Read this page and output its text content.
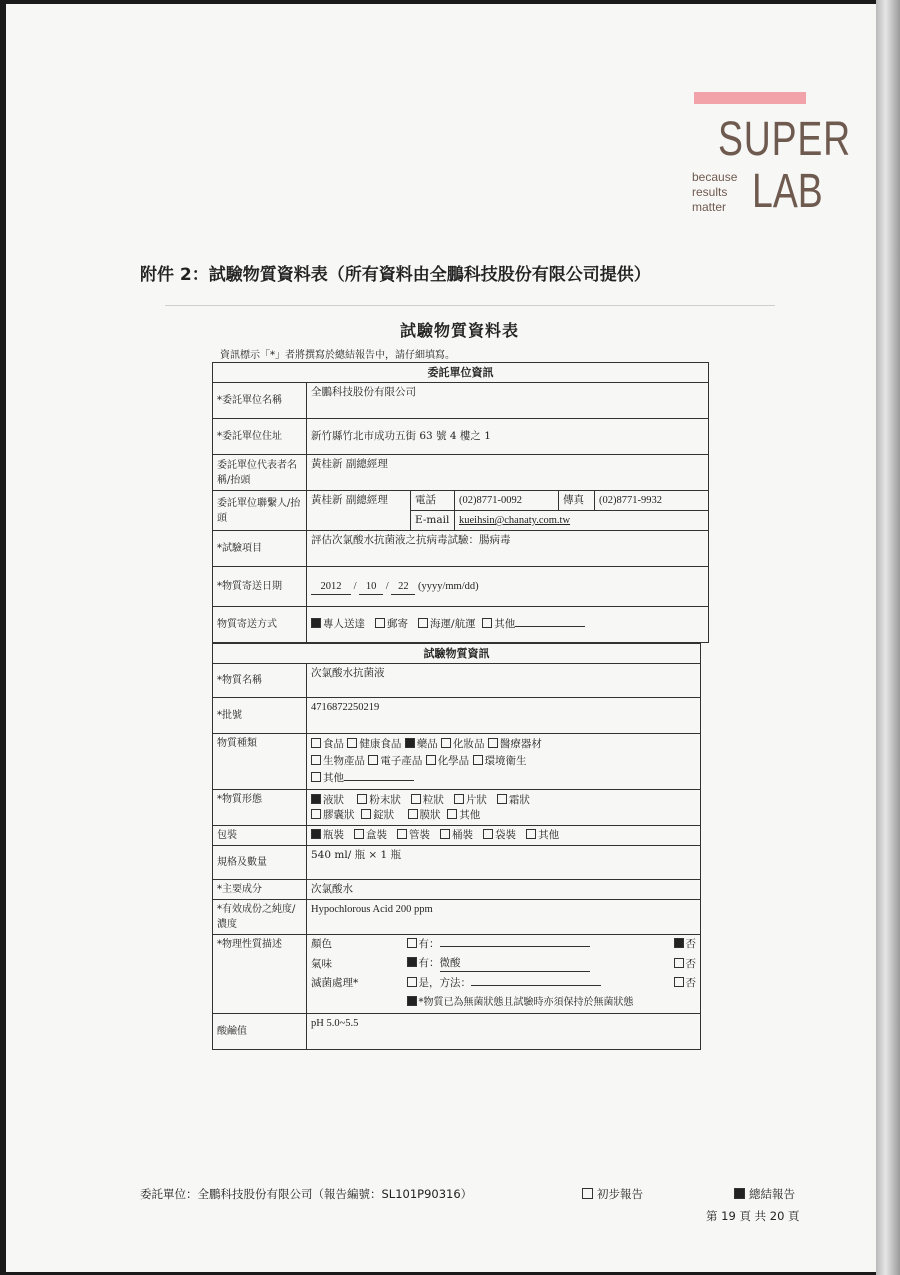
SUPER
LAB
because
results
matter
附件 2：試驗物質資料表（所有資料由全鵬科技股份有限公司提供）
試驗物質資料表
資訊標示「*」者將撰寫於總結報告中，請仔細填寫。
委託單位資訊					
*委託單位名稱	全鵬科技股份有限公司				
*委託單位住址	新竹縣竹北市成功五街 63 號 4 樓之 1				
委託單位代表者名稱/抬頭	黃桂新 副總經理				
委託單位聯繫人/抬頭	黃桂新 副總經理	電話	(02)8771-0092	傳真	(02)8771-9932
		E-mail	kueihsin@chanaty.com.tw		
*試驗項目	評估次氯酸水抗菌液之抗病毒試驗：腸病毒				
*物質寄送日期	2012 / 10 / 22 (yyyy/mm/dd)				
物質寄送方式	專人送達 郵寄 海運/航運 其他				
試驗物質資訊			
*物質名稱	次氯酸水抗菌液		
*批號	4716872250219		
物質種類	食品 健康食品 藥品 化妝品 醫療器材
生物產品 電子產品 化學品 環境衛生
其他		
*物質形態	液狀 粉末狀 粒狀 片狀 霜狀
膠囊狀 錠狀 膜狀 其他		
包裝	瓶裝 盒裝 管裝 桶裝 袋裝 其他		
規格及數量	540 ml/ 瓶 × 1 瓶		
*主要成分	次氯酸水		
*有效成份之純度/濃度	Hypochlorous Acid 200 ppm		
*物理性質描述	顏色	有：	否
	氣味	有：微酸	否
	滅菌處理*	是，方法：	否
		*物質已為無菌狀態且試驗時亦須保持於無菌狀態	
酸鹼值	pH 5.0~5.5		
委託單位：全鵬科技股份有限公司（報告編號：SL101P90316）	初步報告	總結報告
第 19 頁 共 20 頁
